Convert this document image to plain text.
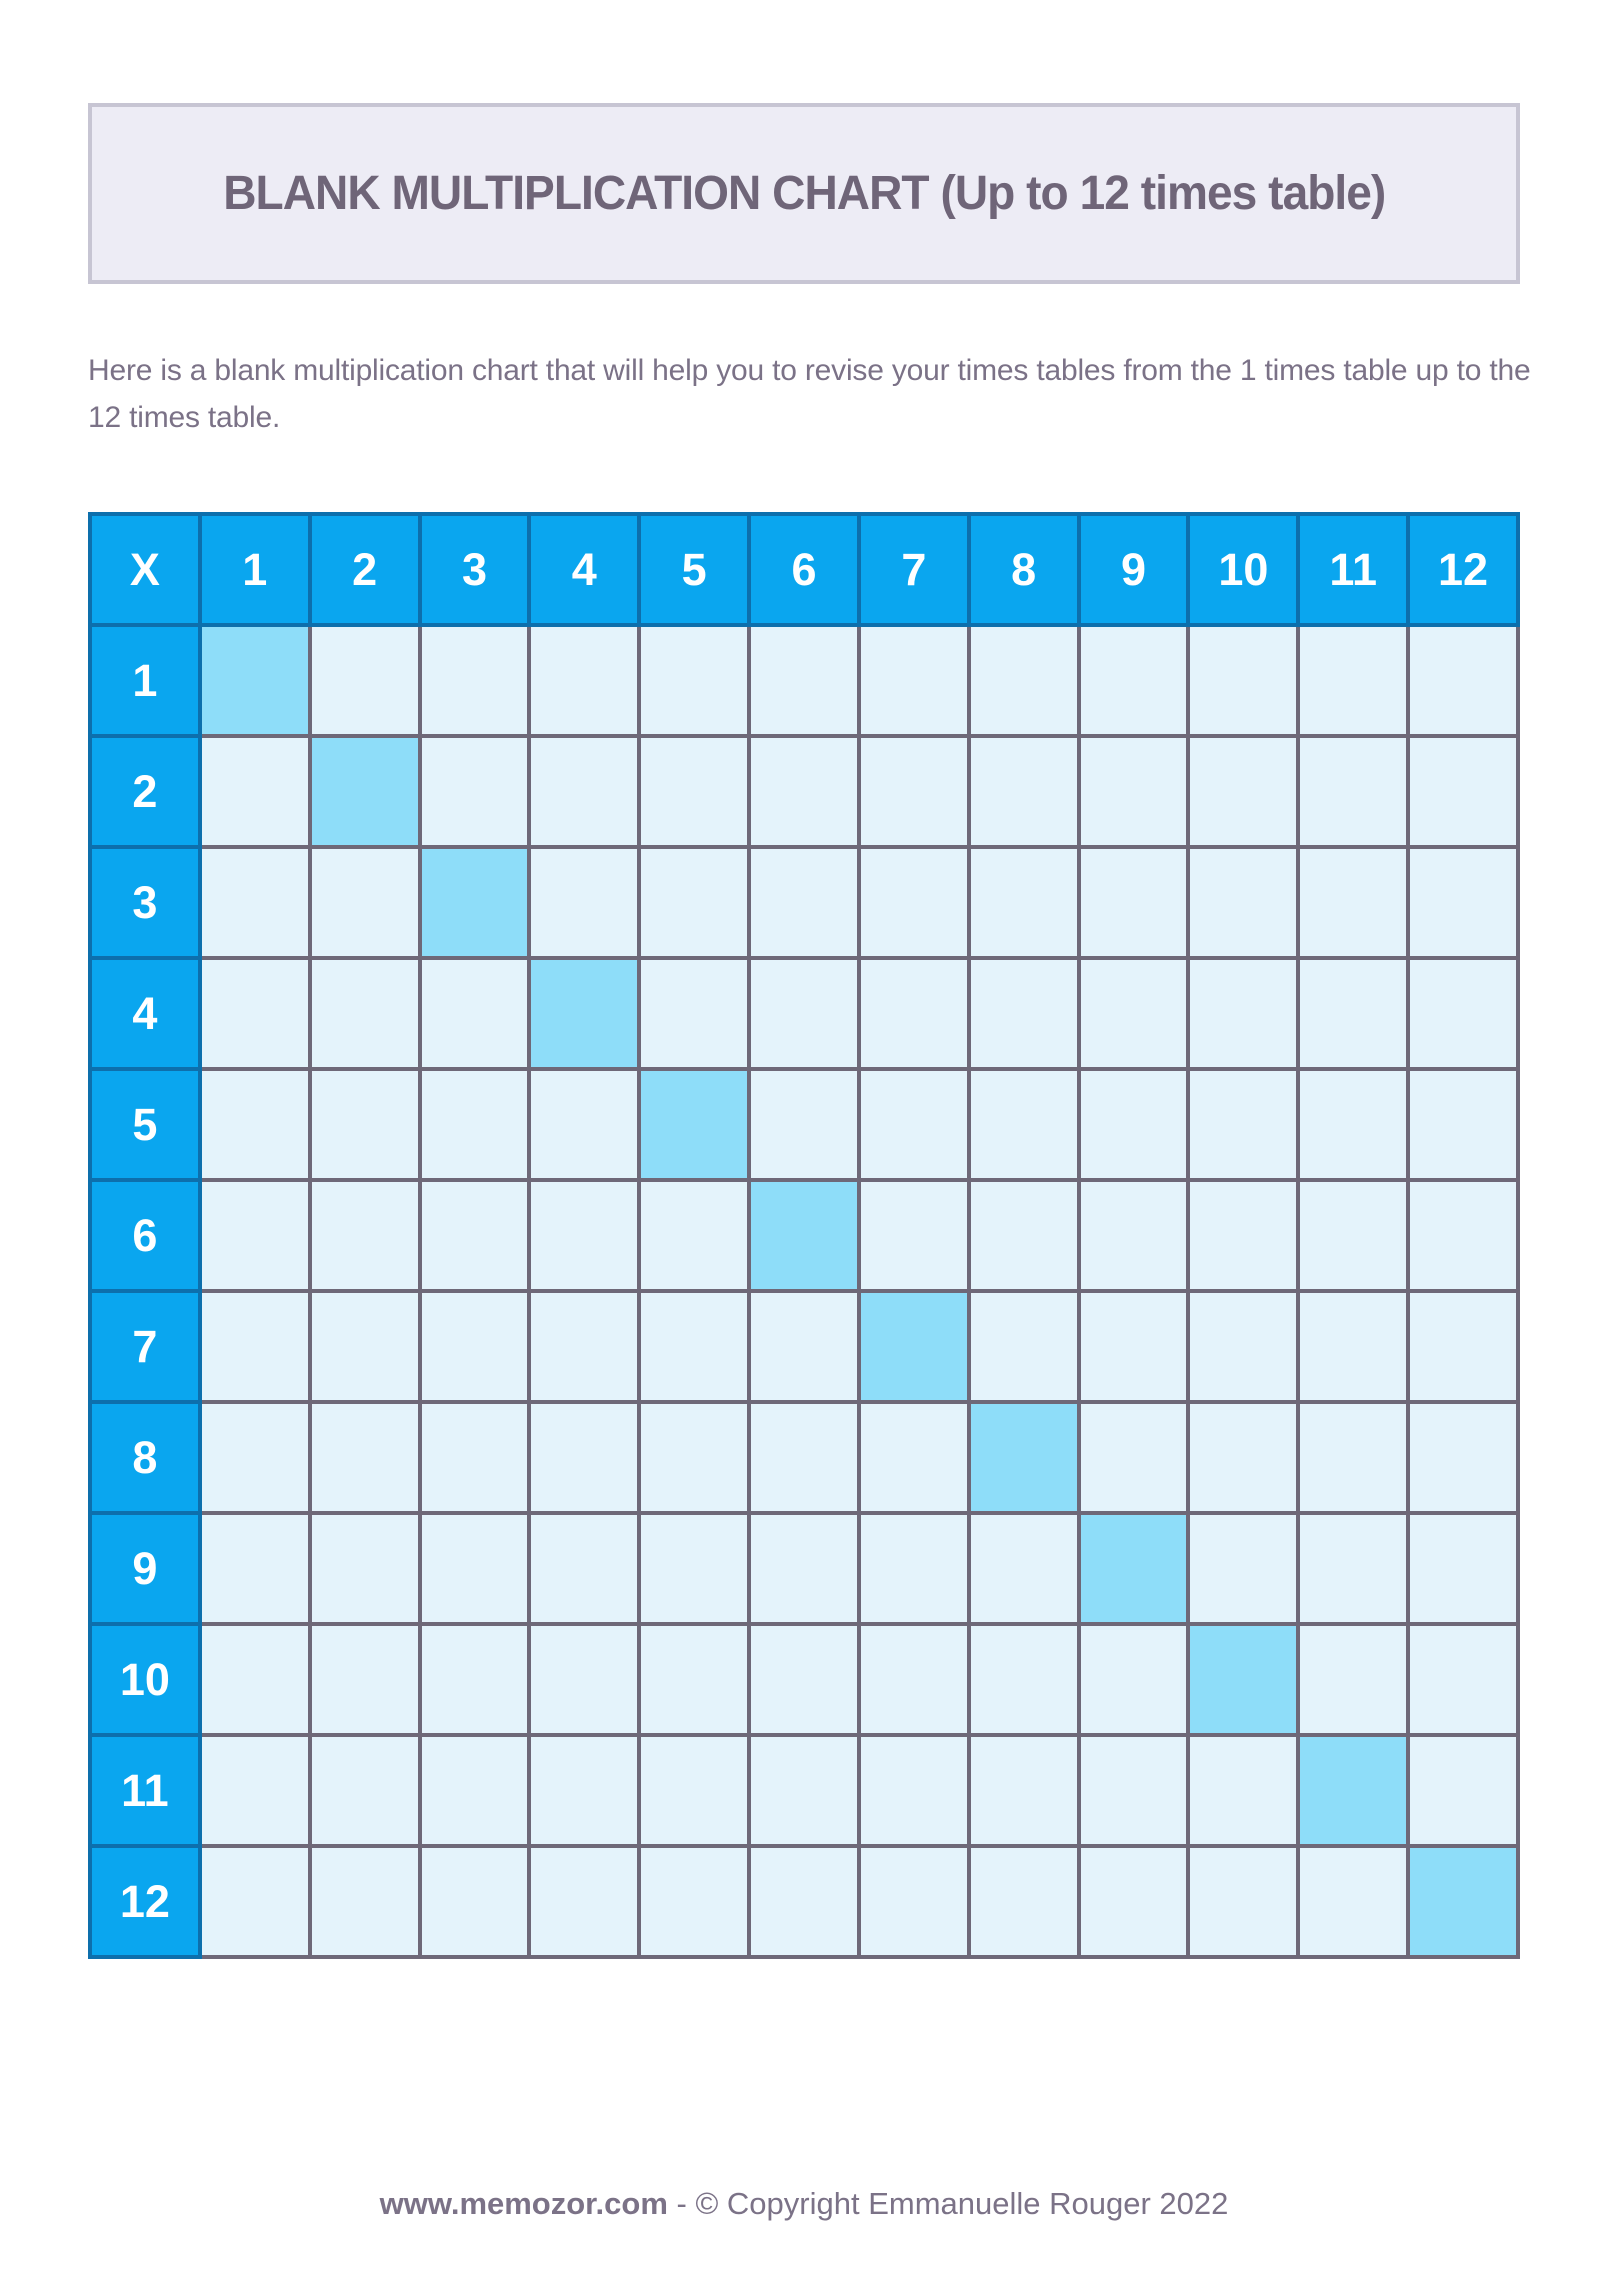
BLANK MULTIPLICATION CHART (Up to 12 times table)

Here is a blank multiplication chart that will help you to revise your times tables from the 1 times table up to the 12 times table.

X	1	2	3	4	5	6	7	8	9	10	11	12
1												
2												
3												
4												
5												
6												
7												
8												
9												
10												
11												
12												
www.memozor.com - © Copyright Emmanuelle Rouger 2022
